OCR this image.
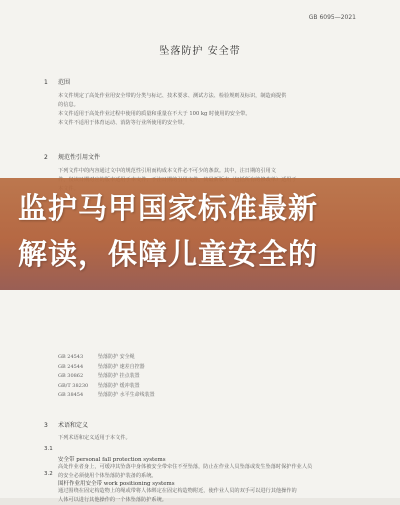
GB 6095—2021
坠落防护 安全带
1 范围

本文件规定了高处作业用安全带的分类与标记、技术要求、测试方法、检验规则及标识，制造商提供

的信息。

本文件适用于高处作业过程中使用的质量和重量在不大于 100 kg 时使用的安全带。

本文件不适用于体育运动、消防等行业所使用的安全带。

2 规范性引用文件

下列文件中的内容通过文中的规范性引用而构成本文件必不可少的条款。其中，注日期的引用文

GB 24543	坠落防护 安全绳
GB 24544	坠落防护 速差自控器
GB 30862	坠落防护 挂点装置
GB/T 38230 坠落防护 缓冲装置
GB 38454	坠落防护 水平生命线装置
3 术语和定义
下列术语和定义适用于本文件。
3.1
安全带 personal fall protection systems

高处作业者身上，可缓冲其坠落中身体被安全带牵住不至坠落，防止在作业人员坠落或发生坠落时保护作业人员

的安全必须使用个体坠落防护装备的系统。

3.2
围杆作业用安全带 work positioning systems

通过围绕在固定构造物上的绳或带将人体绑定在固定构造物附近，使作业人员的双手可以进行其他操作的

人体可以进行其他操作的一个体坠落防护系统。

监护马甲国家标准最新
解读，保障儿童安全的
